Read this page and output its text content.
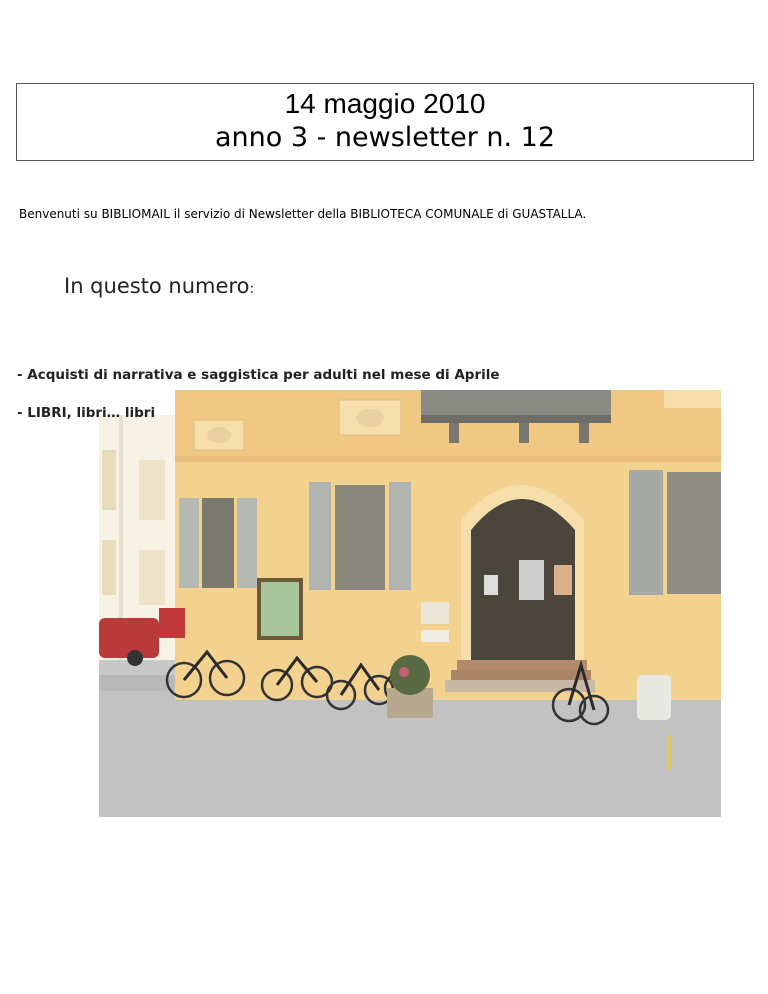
14 maggio 2010
anno 3 - newsletter n. 12
Benvenuti su BIBLIOMAIL il servizio di Newsletter della BIBLIOTECA COMUNALE di GUASTALLA.
In questo numero:
- Acquisti di narrativa e saggistica per adulti nel mese di Aprile
- LIBRI, libri… libri
